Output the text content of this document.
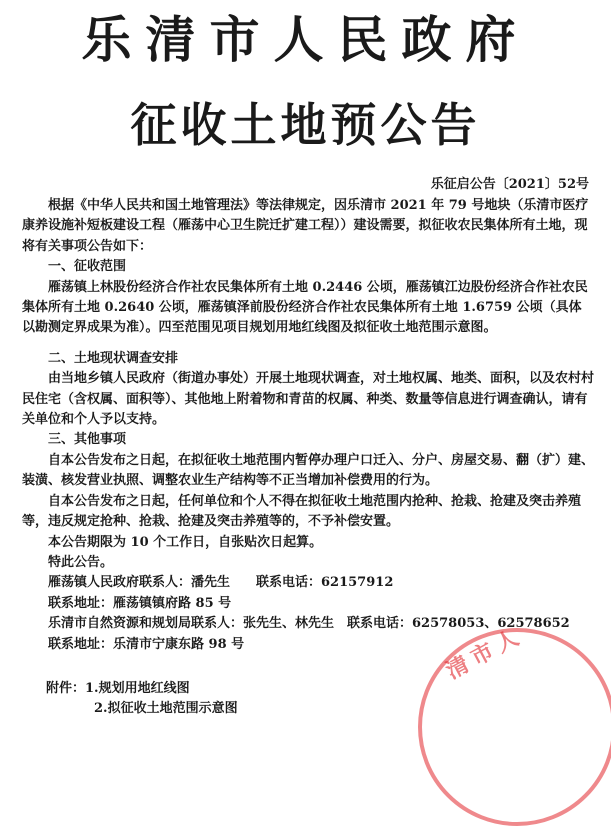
乐清市人民政府
征收土地预公告
乐征启公告〔2021〕52号

根据《中华人民共和国土地管理法》等法律规定，因乐清市 2021 年 79 号地块（乐清市医疗康养设施补短板建设工程（雁荡中心卫生院迁扩建工程））建设需要，拟征收农民集体所有土地，现将有关事项公告如下：

一、征收范围

雁荡镇上林股份经济合作社农民集体所有土地 0.2446 公顷，雁荡镇江边股份经济合作社农民集体所有土地 0.2640 公顷，雁荡镇泽前股份经济合作社农民集体所有土地 1.6759 公顷（具体以勘测定界成果为准）。四至范围见项目规划用地红线图及拟征收土地范围示意图。

二、土地现状调查安排

由当地乡镇人民政府（街道办事处）开展土地现状调查，对土地权属、地类、面积，以及农村村民住宅（含权属、面积等）、其他地上附着物和青苗的权属、种类、数量等信息进行调查确认，请有关单位和个人予以支持。

三、其他事项

自本公告发布之日起，在拟征收土地范围内暂停办理户口迁入、分户、房屋交易、翻（扩）建、装潢、核发营业执照、调整农业生产结构等不正当增加补偿费用的行为。

自本公告发布之日起，任何单位和个人不得在拟征收土地范围内抢种、抢栽、抢建及突击养殖等，违反规定抢种、抢栽、抢建及突击养殖等的，不予补偿安置。

本公告期限为 10 个工作日，自张贴次日起算。

特此公告。

雁荡镇人民政府联系人：潘先生　　联系电话：62157912

联系地址：雁荡镇镇府路 85 号

乐清市自然资源和规划局联系人：张先生、林先生　联系电话：62578053、62578652

联系地址：乐清市宁康东路 98 号

附件：1.规划用地红线图

2.拟征收土地范围示意图

清市人
